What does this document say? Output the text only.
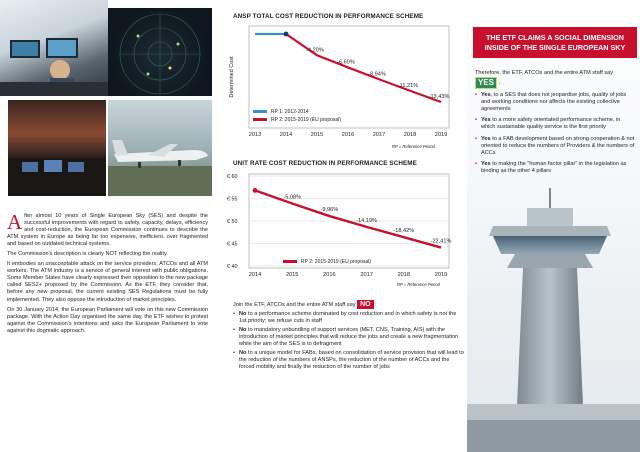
After almost 10 years of Single European Sky (SES) and despite the successful improvements with regard to safety, capacity, delays, efficiency and cost-reduction, the European Commission continues to describe the ATM system in Europe as being far too expensive, inefficient, over fragmented and based on outdated technical systems.

The Commission's description is clearly NOT reflecting the reality.

It embodies an unacceptable attack on the service providers, ATCOs and all ATM workers. The ATM industry is a service of general interest with public obligations. Some Member States have clearly expressed their opposition to the new package called SES2+ proposed by the Commission. As the ETF, they consider that, before any new proposal, the current existing SES Regulations must be fully implemented. They also oppose the introduction of market principles.

On 30 January 2014, the European Parliament will vote on this new Commission package. With the Action Day organised the same day, the ETF wishes to protest against the Commission's intentions and asks the European Parliament to vote against this dogmatic approach.

ANSP TOTAL COST REDUCTION IN PERFORMANCE SCHEME
Determined Cost
-4,20%
-6,60%
-8,94%
-11,21%
-13,43%
2013	2014	2015	2016	2017	2018	2019
RP 1: 2012-2014
RP 2: 2015-2019 (EU proposal)
RP = Reference Period
UNIT RATE COST REDUCTION IN PERFORMANCE SCHEME
€ 60
€ 55
€ 50
€ 45
€ 40
-5,08%
-9,96%
-14,19%
-18,42%
-22,41%
2014	2015	2016	2017	2018	2019
RP 2: 2015-2019 (EU proposal)
RP = Reference Period
Join the ETF, ATCOs and the entire ATM staff say NO :
• No to a performance scheme dominated by cost reduction and in which safety is not the 1st priority; we refuse cuts in staff
• No to mandatory unbundling of support services (MET, CNS, Training, AIS) with the introduction of market principles that will reduce the jobs and create a new fragmentation while the aim of the SES is to defragment
• No to a unique model for FABs, based on consolidation of service provision that will lead to the reduction of the numbers of ANSPs, the reduction of the number of ACCs and the forced mobility and finally the reduction of the number of jobs
THE ETF CLAIMS A SOCIAL DIMENSION
INSIDE OF THE SINGLE EUROPEAN SKY
Therefore, the ETF, ATCOs and the entire ATM staff say YES :
• Yes, to a SES that does not jeopardise jobs, quality of jobs and working conditions nor affects the existing collective agreements
• Yes to a more safety orientated performance scheme, in which sustainable quality service is the first priority
• Yes to a FAB development based on strong cooperation & not oriented to reduce the numbers of Providers & the numbers of ACCs
• Yes to making the "human factor pillar" in the legislation as binding as the other 4 pillars
